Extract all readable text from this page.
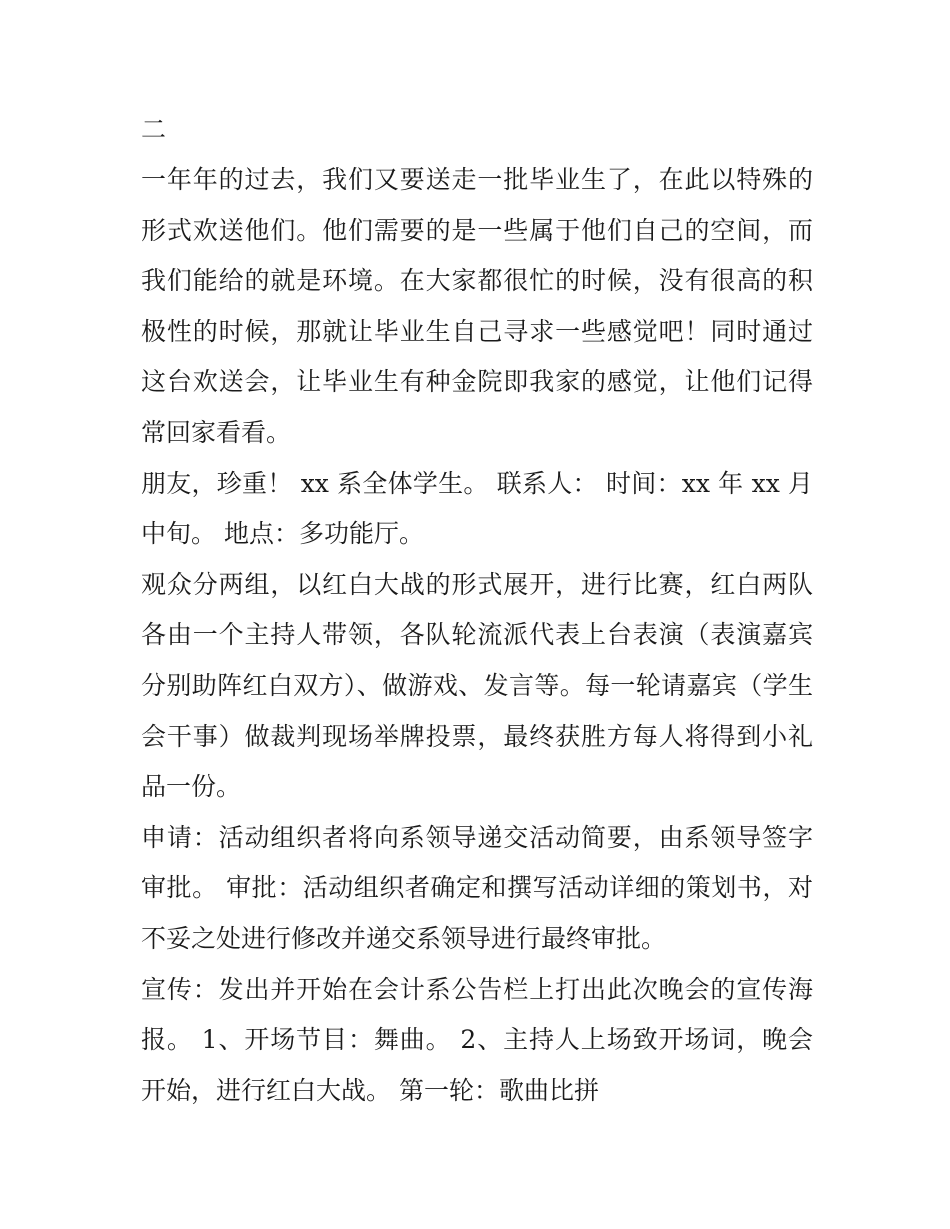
二

一年年的过去，我们又要送走一批毕业生了，在此以特殊的形式欢送他们。他们需要的是一些属于他们自己的空间，而我们能给的就是环境。在大家都很忙的时候，没有很高的积极性的时候，那就让毕业生自己寻求一些感觉吧！同时通过这台欢送会，让毕业生有种金院即我家的感觉，让他们记得常回家看看。

朋友，珍重！ xx 系全体学生。 联系人： 时间：xx 年 xx 月中旬。 地点：多功能厅。

观众分两组，以红白大战的形式展开，进行比赛，红白两队各由一个主持人带领，各队轮流派代表上台表演（表演嘉宾分别助阵红白双方）、做游戏、发言等。每一轮请嘉宾（学生会干事）做裁判现场举牌投票，最终获胜方每人将得到小礼品一份。

申请：活动组织者将向系领导递交活动简要，由系领导签字审批。 审批：活动组织者确定和撰写活动详细的策划书，对不妥之处进行修改并递交系领导进行最终审批。

宣传：发出并开始在会计系公告栏上打出此次晚会的宣传海报。 1、开场节目：舞曲。 2、主持人上场致开场词，晚会开始，进行红白大战。 第一轮：歌曲比拼
